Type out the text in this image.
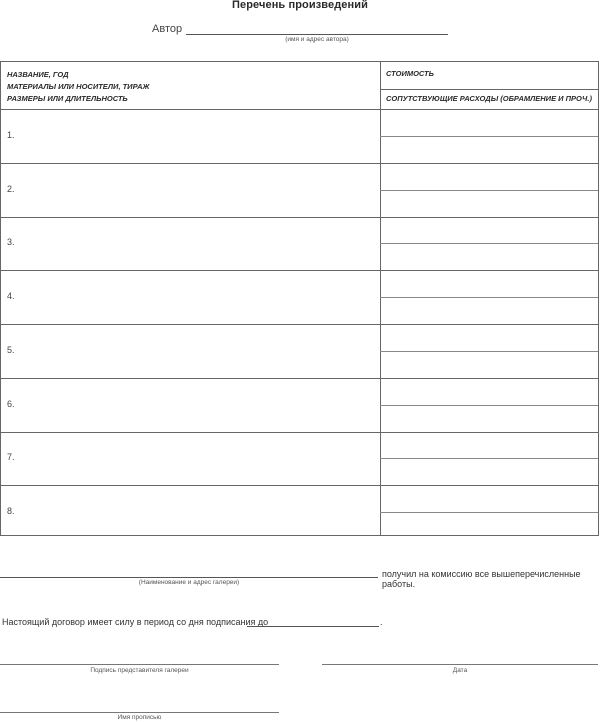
Перечень произведений
Автор
(имя и адрес автора)
НАЗВАНИЕ, ГОД
МАТЕРИАЛЫ ИЛИ НОСИТЕЛИ, ТИРАЖ
РАЗМЕРЫ ИЛИ ДЛИТЕЛЬНОСТЬ
СТОИМОСТЬ
СОПУТСТВУЮЩИЕ РАСХОДЫ (ОБРАМЛЕНИЕ И ПРОЧ.)
1.
2.
3.
4.
5.
6.
7.
8.
(Наименование и адрес галереи)
получил на комиссию все вышеперечисленные работы.
Настоящий договор имеет силу в период со дня подписания до	.
Подпись представителя галереи	Дата
Имя прописью
